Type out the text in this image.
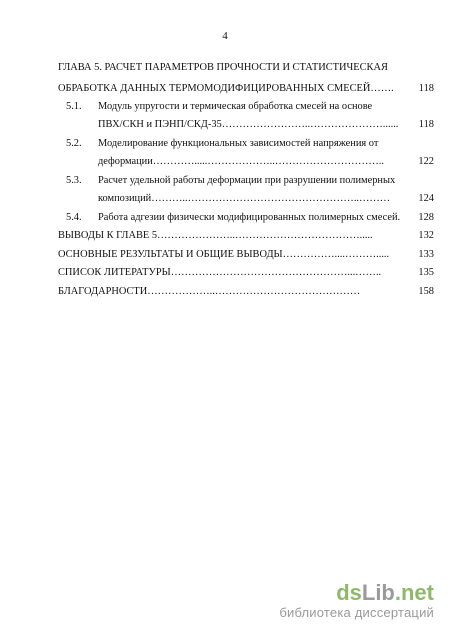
4
ГЛАВА 5. РАСЧЕТ ПАРАМЕТРОВ ПРОЧНОСТИ И СТАТИСТИЧЕСКАЯ
ОБРАБОТКА ДАННЫХ ТЕРМОМОДИФИЦИРОВАННЫХ СМЕСЕЙ…….	118
5.1. Модуль упругости и термическая обработка смесей на основе
ПВХ/СКН и ПЭНП/СКД-35……………………..…………………......	118
5.2. Моделирование функциональных зависимостей напряжения от
деформации………….....………………..…………………………..	122
5.3. Расчет удельной работы деформации при разрушении полимерных
композиций………..…………………………………………..………	124
5.4. Работа адгезии физически модифицированных полимерных смесей.	128
ВЫВОДЫ К ГЛАВЕ 5…………………..……………………………….....	132
ОСНОВНЫЕ РЕЗУЛЬТАТЫ И ОБЩИЕ ВЫВОДЫ……………....……….....	133
СПИСОК ЛИТЕРАТУРЫ……………………………………………...……..	135
БЛАГОДАРНОСТИ………………..……………………………………	158
dsLib.net
библиотека диссертаций
